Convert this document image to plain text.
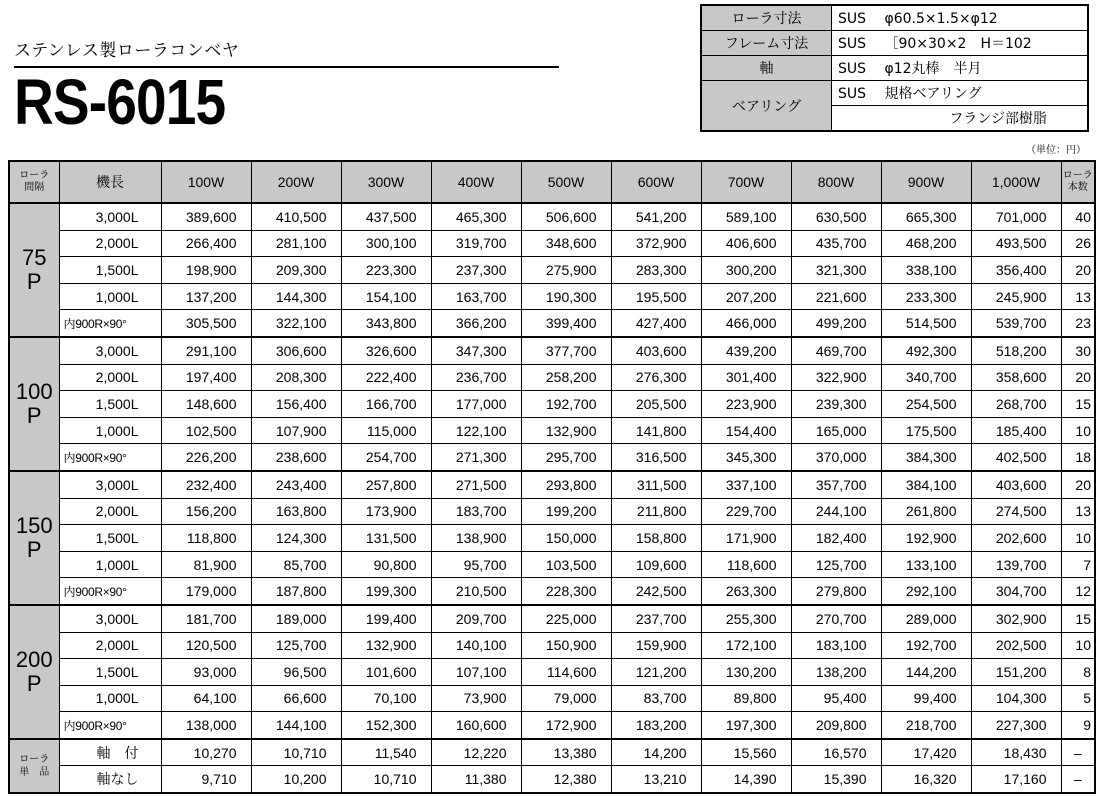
ステンレス製ローラコンベヤ
RS-6015
ローラ寸法	SUS　 φ60.5×1.5×φ12
フレーム寸法	SUS　 ［90×30×2　H＝102
軸	SUS　 φ12丸棒　半月
ベアリング	SUS　 規格ベアリング
	フランジ部樹脂
（単位：円）
ローラ
間隔	機長	100W	200W	300W	400W	500W	600W	700W	800W	900W	1,000W	ローラ
本数
75
P	3,000L	389,600	410,500	437,500	465,300	506,600	541,200	589,100	630,500	665,300	701,000	40
	2,000L	266,400	281,100	300,100	319,700	348,600	372,900	406,600	435,700	468,200	493,500	26
	1,500L	198,900	209,300	223,300	237,300	275,900	283,300	300,200	321,300	338,100	356,400	20
	1,000L	137,200	144,300	154,100	163,700	190,300	195,500	207,200	221,600	233,300	245,900	13
	内900R×90°	305,500	322,100	343,800	366,200	399,400	427,400	466,000	499,200	514,500	539,700	23
100
P	3,000L	291,100	306,600	326,600	347,300	377,700	403,600	439,200	469,700	492,300	518,200	30
	2,000L	197,400	208,300	222,400	236,700	258,200	276,300	301,400	322,900	340,700	358,600	20
	1,500L	148,600	156,400	166,700	177,000	192,700	205,500	223,900	239,300	254,500	268,700	15
	1,000L	102,500	107,900	115,000	122,100	132,900	141,800	154,400	165,000	175,500	185,400	10
	内900R×90°	226,200	238,600	254,700	271,300	295,700	316,500	345,300	370,000	384,300	402,500	18
150
P	3,000L	232,400	243,400	257,800	271,500	293,800	311,500	337,100	357,700	384,100	403,600	20
	2,000L	156,200	163,800	173,900	183,700	199,200	211,800	229,700	244,100	261,800	274,500	13
	1,500L	118,800	124,300	131,500	138,900	150,000	158,800	171,900	182,400	192,900	202,600	10
	1,000L	81,900	85,700	90,800	95,700	103,500	109,600	118,600	125,700	133,100	139,700	7
	内900R×90°	179,000	187,800	199,300	210,500	228,300	242,500	263,300	279,800	292,100	304,700	12
200
P	3,000L	181,700	189,000	199,400	209,700	225,000	237,700	255,300	270,700	289,000	302,900	15
	2,000L	120,500	125,700	132,900	140,100	150,900	159,900	172,100	183,100	192,700	202,500	10
	1,500L	93,000	96,500	101,600	107,100	114,600	121,200	130,200	138,200	144,200	151,200	8
	1,000L	64,100	66,600	70,100	73,900	79,000	83,700	89,800	95,400	99,400	104,300	5
	内900R×90°	138,000	144,100	152,300	160,600	172,900	183,200	197,300	209,800	218,700	227,300	9
ローラ
単　品	軸　付	10,270	10,710	11,540	12,220	13,380	14,200	15,560	16,570	17,420	18,430	–
	軸なし	9,710	10,200	10,710	11,380	12,380	13,210	14,390	15,390	16,320	17,160	–
